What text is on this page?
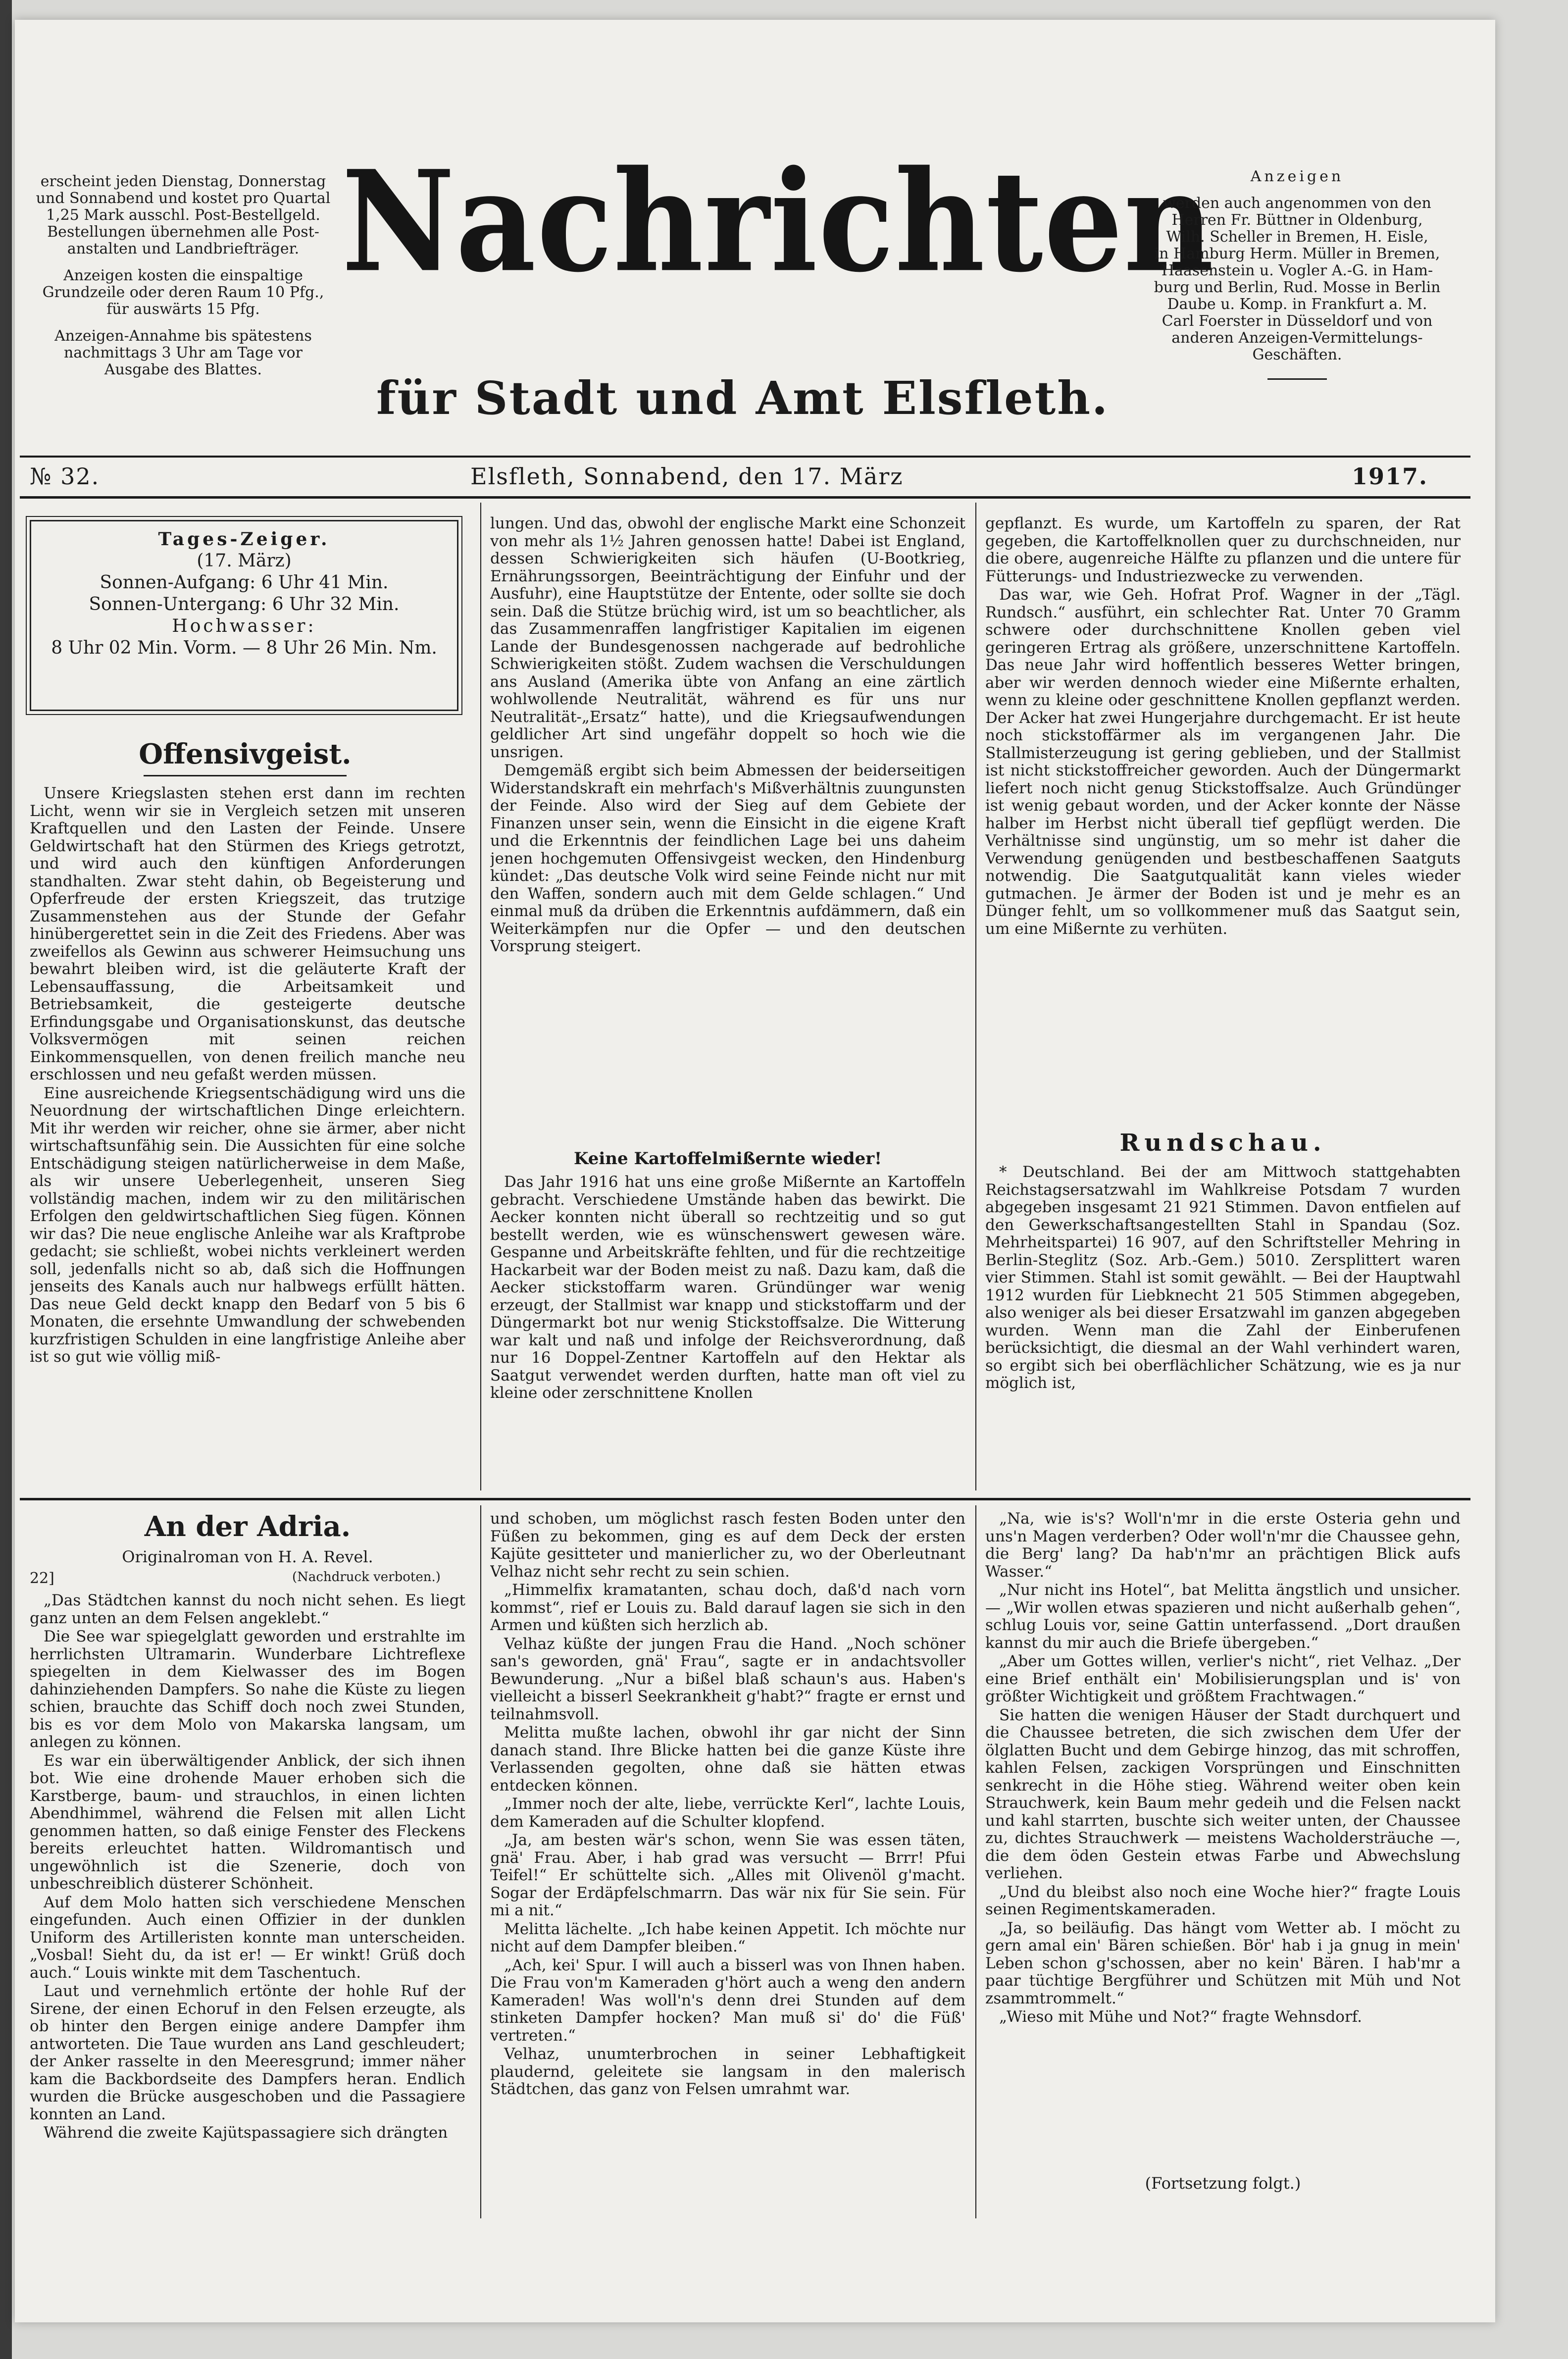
erscheint jeden Dienstag, Donnerstag
und Sonnabend und kostet pro Quartal
1,25 Mark ausschl. Post-Bestellgeld.
Bestellungen übernehmen alle Post-
anstalten und Landbriefträger.
Anzeigen kosten die einspaltige
Grundzeile oder deren Raum 10 Pfg.,
für auswärts 15 Pfg.
Anzeigen-Annahme bis spätestens
nachmittags 3 Uhr am Tage vor
Ausgabe des Blattes.
Nachrichten
für Stadt und Amt Elsfleth.
Anzeigen
werden auch angenommen von den
Herren Fr. Büttner in Oldenburg,
Wilh. Scheller in Bremen, H. Eisle,
in Hamburg Herm. Müller in Bremen,
Haasenstein u. Vogler A.-G. in Ham-
burg und Berlin, Rud. Mosse in Berlin
Daube u. Komp. in Frankfurt a. M.
Carl Foerster in Düsseldorf und von
anderen Anzeigen-Vermittelungs-
Geschäften.
№ 32.	Elsfleth, Sonnabend, den 17. März	1917.
Tages-Zeiger.
(17. März)
Sonnen-Aufgang: 6 Uhr 41 Min.
Sonnen-Untergang: 6 Uhr 32 Min.
Hochwasser:
8 Uhr 02 Min. Vorm. — 8 Uhr 26 Min. Nm.
Offensivgeist.

Unsere Kriegslasten stehen erst dann im rechten Licht, wenn wir sie in Vergleich setzen mit unseren Kraftquellen und den Lasten der Feinde. Unsere Geldwirtschaft hat den Stürmen des Kriegs getrotzt, und wird auch den künftigen Anforderungen standhalten. Zwar steht dahin, ob Begeisterung und Opferfreude der ersten Kriegszeit, das trutzige Zusammenstehen aus der Stunde der Gefahr hinübergerettet sein in die Zeit des Friedens. Aber was zweifellos als Gewinn aus schwerer Heimsuchung uns bewahrt bleiben wird, ist die geläuterte Kraft der Lebensauffassung, die Arbeitsamkeit und Betriebsamkeit, die gesteigerte deutsche Erfindungsgabe und Organisationskunst, das deutsche Volksvermögen mit seinen reichen Einkommensquellen, von denen freilich manche neu erschlossen und neu gefaßt werden müssen.

Eine ausreichende Kriegsentschädigung wird uns die Neuordnung der wirtschaftlichen Dinge erleichtern. Mit ihr werden wir reicher, ohne sie ärmer, aber nicht wirtschaftsunfähig sein. Die Aussichten für eine solche Entschädigung steigen natürlicherweise in dem Maße, als wir unsere Ueberlegenheit, unseren Sieg vollständig machen, indem wir zu den militärischen Erfolgen den geldwirtschaftlichen Sieg fügen. Können wir das? Die neue englische Anleihe war als Kraftprobe gedacht; sie schließt, wobei nichts verkleinert werden soll, jedenfalls nicht so ab, daß sich die Hoffnungen jenseits des Kanals auch nur halbwegs erfüllt hätten. Das neue Geld deckt knapp den Bedarf von 5 bis 6 Monaten, die ersehnte Umwandlung der schwebenden kurzfristigen Schulden in eine langfristige Anleihe aber ist so gut wie völlig miß-

lungen. Und das, obwohl der englische Markt eine Schonzeit von mehr als 1½ Jahren genossen hatte! Dabei ist England, dessen Schwierigkeiten sich häufen (U-Bootkrieg, Ernährungssorgen, Beeinträchtigung der Einfuhr und der Ausfuhr), eine Hauptstütze der Entente, oder sollte sie doch sein. Daß die Stütze brüchig wird, ist um so beachtlicher, als das Zusammenraffen langfristiger Kapitalien im eigenen Lande der Bundesgenossen nachgerade auf bedrohliche Schwierigkeiten stößt. Zudem wachsen die Verschuldungen ans Ausland (Amerika übte von Anfang an eine zärtlich wohlwollende Neutralität, während es für uns nur Neutralität-„Ersatz“ hatte), und die Kriegsaufwendungen geldlicher Art sind ungefähr doppelt so hoch wie die unsrigen.

Demgemäß ergibt sich beim Abmessen der beiderseitigen Widerstandskraft ein mehrfach's Mißverhältnis zuungunsten der Feinde. Also wird der Sieg auf dem Gebiete der Finanzen unser sein, wenn die Einsicht in die eigene Kraft und die Erkenntnis der feindlichen Lage bei uns daheim jenen hochgemuten Offensivgeist wecken, den Hindenburg kündet: „Das deutsche Volk wird seine Feinde nicht nur mit den Waffen, sondern auch mit dem Gelde schlagen.“ Und einmal muß da drüben die Erkenntnis aufdämmern, daß ein Weiterkämpfen nur die Opfer — und den deutschen Vorsprung steigert.

Keine Kartoffelmißernte wieder!

Das Jahr 1916 hat uns eine große Mißernte an Kartoffeln gebracht. Verschiedene Umstände haben das bewirkt. Die Aecker konnten nicht überall so rechtzeitig und so gut bestellt werden, wie es wünschenswert gewesen wäre. Gespanne und Arbeitskräfte fehlten, und für die rechtzeitige Hackarbeit war der Boden meist zu naß. Dazu kam, daß die Aecker stickstoffarm waren. Gründünger war wenig erzeugt, der Stallmist war knapp und stickstoffarm und der Düngermarkt bot nur wenig Stickstoffsalze. Die Witterung war kalt und naß und infolge der Reichsverordnung, daß nur 16 Doppel-Zentner Kartoffeln auf den Hektar als Saatgut verwendet werden durften, hatte man oft viel zu kleine oder zerschnittene Knollen

gepflanzt. Es wurde, um Kartoffeln zu sparen, der Rat gegeben, die Kartoffelknollen quer zu durchschneiden, nur die obere, augenreiche Hälfte zu pflanzen und die untere für Fütterungs- und Industriezwecke zu verwenden.

Das war, wie Geh. Hofrat Prof. Wagner in der „Tägl. Rundsch.“ ausführt, ein schlechter Rat. Unter 70 Gramm schwere oder durchschnittene Knollen geben viel geringeren Ertrag als größere, unzerschnittene Kartoffeln. Das neue Jahr wird hoffentlich besseres Wetter bringen, aber wir werden dennoch wieder eine Mißernte erhalten, wenn zu kleine oder geschnittene Knollen gepflanzt werden. Der Acker hat zwei Hungerjahre durchgemacht. Er ist heute noch stickstoffärmer als im vergangenen Jahr. Die Stallmisterzeugung ist gering geblieben, und der Stallmist ist nicht stickstoffreicher geworden. Auch der Düngermarkt liefert noch nicht genug Stickstoffsalze. Auch Gründünger ist wenig gebaut worden, und der Acker konnte der Nässe halber im Herbst nicht überall tief gepflügt werden. Die Verhältnisse sind ungünstig, um so mehr ist daher die Verwendung genügenden und bestbeschaffenen Saatguts notwendig. Die Saatgutqualität kann vieles wieder gutmachen. Je ärmer der Boden ist und je mehr es an Dünger fehlt, um so vollkommener muß das Saatgut sein, um eine Mißernte zu verhüten.

Rundschau.

* Deutschland. Bei der am Mittwoch stattgehabten Reichstagsersatzwahl im Wahlkreise Potsdam 7 wurden abgegeben insgesamt 21 921 Stimmen. Davon entfielen auf den Gewerkschaftsangestellten Stahl in Spandau (Soz. Mehrheitspartei) 16 907, auf den Schriftsteller Mehring in Berlin-Steglitz (Soz. Arb.-Gem.) 5010. Zersplittert waren vier Stimmen. Stahl ist somit gewählt. — Bei der Hauptwahl 1912 wurden für Liebknecht 21 505 Stimmen abgegeben, also weniger als bei dieser Ersatzwahl im ganzen abgegeben wurden. Wenn man die Zahl der Einberufenen berücksichtigt, die diesmal an der Wahl verhindert waren, so ergibt sich bei oberflächlicher Schätzung, wie es ja nur möglich ist,

An der Adria.
Originalroman von H. A. Revel.
(Nachdruck verboten.)
22]

„Das Städtchen kannst du noch nicht sehen. Es liegt ganz unten an dem Felsen angeklebt.“

Die See war spiegelglatt geworden und erstrahlte im herrlichsten Ultramarin. Wunderbare Lichtreflexe spiegelten in dem Kielwasser des im Bogen dahinziehenden Dampfers. So nahe die Küste zu liegen schien, brauchte das Schiff doch noch zwei Stunden, bis es vor dem Molo von Makarska langsam, um anlegen zu können.

Es war ein überwältigender Anblick, der sich ihnen bot. Wie eine drohende Mauer erhoben sich die Karstberge, baum- und strauchlos, in einen lichten Abendhimmel, während die Felsen mit allen Licht genommen hatten, so daß einige Fenster des Fleckens bereits erleuchtet hatten. Wildromantisch und ungewöhnlich ist die Szenerie, doch von unbeschreiblich düsterer Schönheit.

Auf dem Molo hatten sich verschiedene Menschen eingefunden. Auch einen Offizier in der dunklen Uniform des Artilleristen konnte man unterscheiden. „Vosbal! Sieht du, da ist er! — Er winkt! Grüß doch auch.“ Louis winkte mit dem Taschentuch.

Laut und vernehmlich ertönte der hohle Ruf der Sirene, der einen Echoruf in den Felsen erzeugte, als ob hinter den Bergen einige andere Dampfer ihm antworteten. Die Taue wurden ans Land geschleudert; der Anker rasselte in den Meeresgrund; immer näher kam die Backbordseite des Dampfers heran. Endlich wurden die Brücke ausgeschoben und die Passagiere konnten an Land.

Während die zweite Kajütspassagiere sich drängten

und schoben, um möglichst rasch festen Boden unter den Füßen zu bekommen, ging es auf dem Deck der ersten Kajüte gesitteter und manierlicher zu, wo der Oberleutnant Velhaz nicht sehr recht zu sein schien.

„Himmelfix kramatanten, schau doch, daß'd nach vorn kommst“, rief er Louis zu. Bald darauf lagen sie sich in den Armen und küßten sich herzlich ab.

Velhaz küßte der jungen Frau die Hand. „Noch schöner san's geworden, gnä' Frau“, sagte er in andachtsvoller Bewunderung. „Nur a bißel blaß schaun's aus. Haben's vielleicht a bisserl Seekrankheit g'habt?“ fragte er ernst und teilnahmsvoll.

Melitta mußte lachen, obwohl ihr gar nicht der Sinn danach stand. Ihre Blicke hatten bei die ganze Küste ihre Verlassenden gegolten, ohne daß sie hätten etwas entdecken können.

„Immer noch der alte, liebe, verrückte Kerl“, lachte Louis, dem Kameraden auf die Schulter klopfend.

„Ja, am besten wär's schon, wenn Sie was essen täten, gnä' Frau. Aber, i hab grad was versucht — Brrr! Pfui Teifel!“ Er schüttelte sich. „Alles mit Olivenöl g'macht. Sogar der Erdäpfelschmarrn. Das wär nix für Sie sein. Für mi a nit.“

Melitta lächelte. „Ich habe keinen Appetit. Ich möchte nur nicht auf dem Dampfer bleiben.“

„Ach, kei' Spur. I will auch a bisserl was von Ihnen haben. Die Frau von'm Kameraden g'hört auch a weng den andern Kameraden! Was woll'n's denn drei Stunden auf dem stinketen Dampfer hocken? Man muß si' do' die Füß' vertreten.“

Velhaz, unumterbrochen in seiner Lebhaftigkeit plaudernd, geleitete sie langsam in den malerisch Städtchen, das ganz von Felsen umrahmt war.

„Na, wie is's? Woll'n'mr in die erste Osteria gehn und uns'n Magen verderben? Oder woll'n'mr die Chaussee gehn, die Berg' lang? Da hab'n'mr an prächtigen Blick aufs Wasser.“

„Nur nicht ins Hotel“, bat Melitta ängstlich und unsicher. — „Wir wollen etwas spazieren und nicht außerhalb gehen“, schlug Louis vor, seine Gattin unterfassend. „Dort draußen kannst du mir auch die Briefe übergeben.“

„Aber um Gottes willen, verlier's nicht“, riet Velhaz. „Der eine Brief enthält ein' Mobilisierungsplan und is' von größter Wichtigkeit und größtem Frachtwagen.“

Sie hatten die wenigen Häuser der Stadt durchquert und die Chaussee betreten, die sich zwischen dem Ufer der ölglatten Bucht und dem Gebirge hinzog, das mit schroffen, kahlen Felsen, zackigen Vorsprüngen und Einschnitten senkrecht in die Höhe stieg. Während weiter oben kein Strauchwerk, kein Baum mehr gedeih und die Felsen nackt und kahl starrten, buschte sich weiter unten, der Chaussee zu, dichtes Strauchwerk — meistens Wacholdersträuche —, die dem öden Gestein etwas Farbe und Abwechslung verliehen.

„Und du bleibst also noch eine Woche hier?“ fragte Louis seinen Regimentskameraden.

„Ja, so beiläufig. Das hängt vom Wetter ab. I möcht zu gern amal ein' Bären schießen. Bör' hab i ja gnug in mein' Leben schon g'schossen, aber no kein' Bären. I hab'mr a paar tüchtige Bergführer und Schützen mit Müh und Not zsammtrommelt.“

„Wieso mit Mühe und Not?“ fragte Wehnsdorf.

(Fortsetzung folgt.)
